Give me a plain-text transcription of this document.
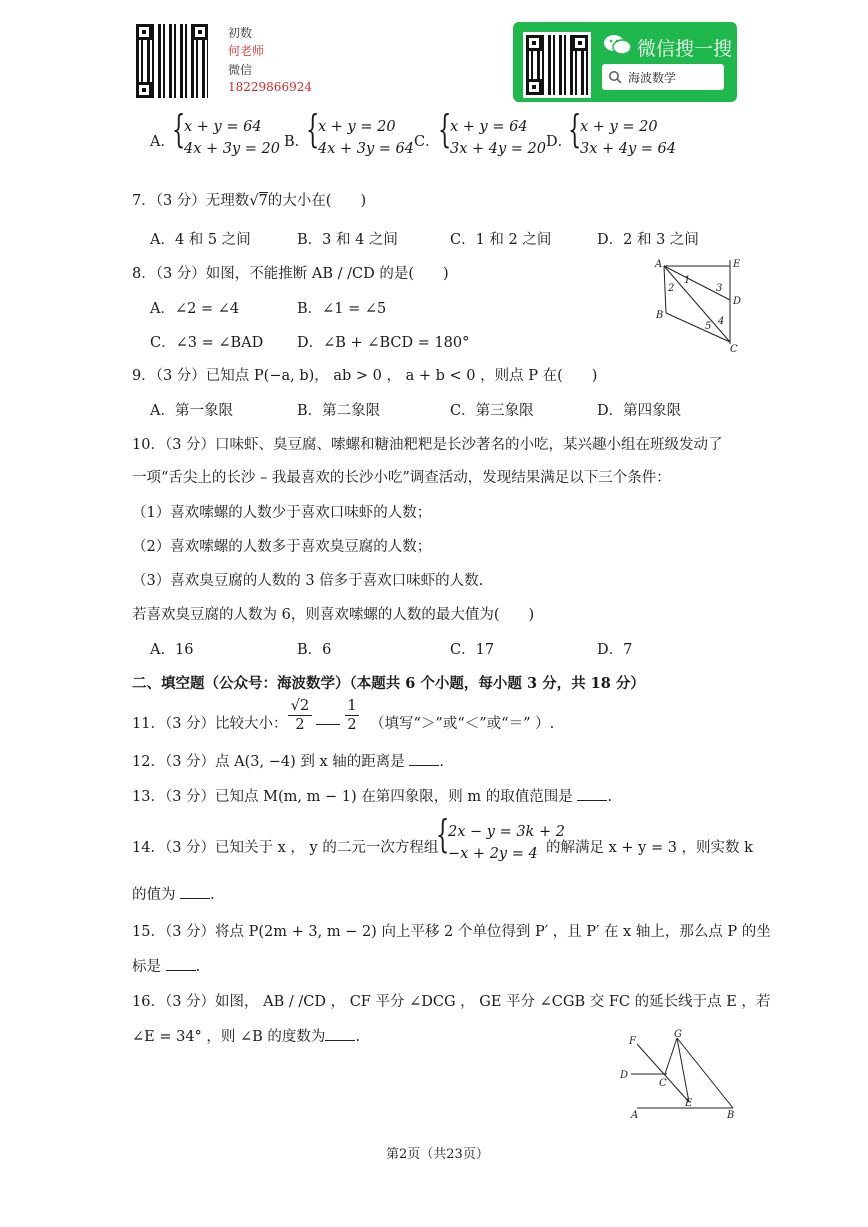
初数
何老师
微信
18229866924
微信搜一搜
海波数学
A．
{
x + y = 64
4x + 3y = 20 B．
{
x + y = 20
4x + 3y = 64 C．
{
x + y = 64
3x + 4y = 20 D．
{
x + y = 20
3x + 4y = 64
7．（3 分）无理数√7的大小在(　　)
A．4 和 5 之间	B．3 和 4 之间	C．1 和 2 之间	D．2 和 3 之间
8．（3 分）如图，不能推断 AB / /CD 的是(　　)
A．∠2 = ∠4	B．∠1 = ∠5
C．∠3 = ∠BAD D．∠B + ∠BCD = 180°
A	E
1
2	3
D
B
4
5
C
9．（3 分）已知点 P(−a, b)， ab > 0 ， a + b < 0 ，则点 P 在(　　)
A．第一象限	B．第二象限	C．第三象限	D．第四象限
10．（3 分）口味虾、臭豆腐、嗦螺和糖油粑粑是长沙著名的小吃，某兴趣小组在班级发动了
一项“舌尖上的长沙 – 我最喜欢的长沙小吃”调查活动，发现结果满足以下三个条件：
（1）喜欢嗦螺的人数少于喜欢口味虾的人数；
（2）喜欢嗦螺的人数多于喜欢臭豆腐的人数；
（3）喜欢臭豆腐的人数的 3 倍多于喜欢口味虾的人数.
若喜欢臭豆腐的人数为 6，则喜欢嗦螺的人数的最大值为(　　)
A．16	B．6	C．17	D．7
二、填空题（公众号：海波数学）（本题共 6 个小题，每小题 3 分，共 18 分）
11．（3 分）比较大小：
√2
2
1
2 （填写“＞”或“＜”或“＝” ）.
12．（3 分）点 A(3, −4) 到 x 轴的距离是 .
13．（3 分）已知点 M(m, m − 1) 在第四象限，则 m 的取值范围是 .
14．（3 分）已知关于 x ， y 的二元一次方程组
{
2x − y = 3k + 2
−x + 2y = 4 的解满足 x + y = 3 ，则实数 k
的值为 .
15．（3 分）将点 P(2m + 3, m − 2) 向上平移 2 个单位得到 P′ ，且 P′ 在 x 轴上，那么点 P 的坐
标是 .
16．（3 分）如图， AB / /CD ， CF 平分 ∠DCG ， GE 平分 ∠CGB 交 FC 的延长线于点 E ，若
∠E = 34° ，则 ∠B 的度数为 .	F
G
D
C
E
A	B
第2页（共23页）
